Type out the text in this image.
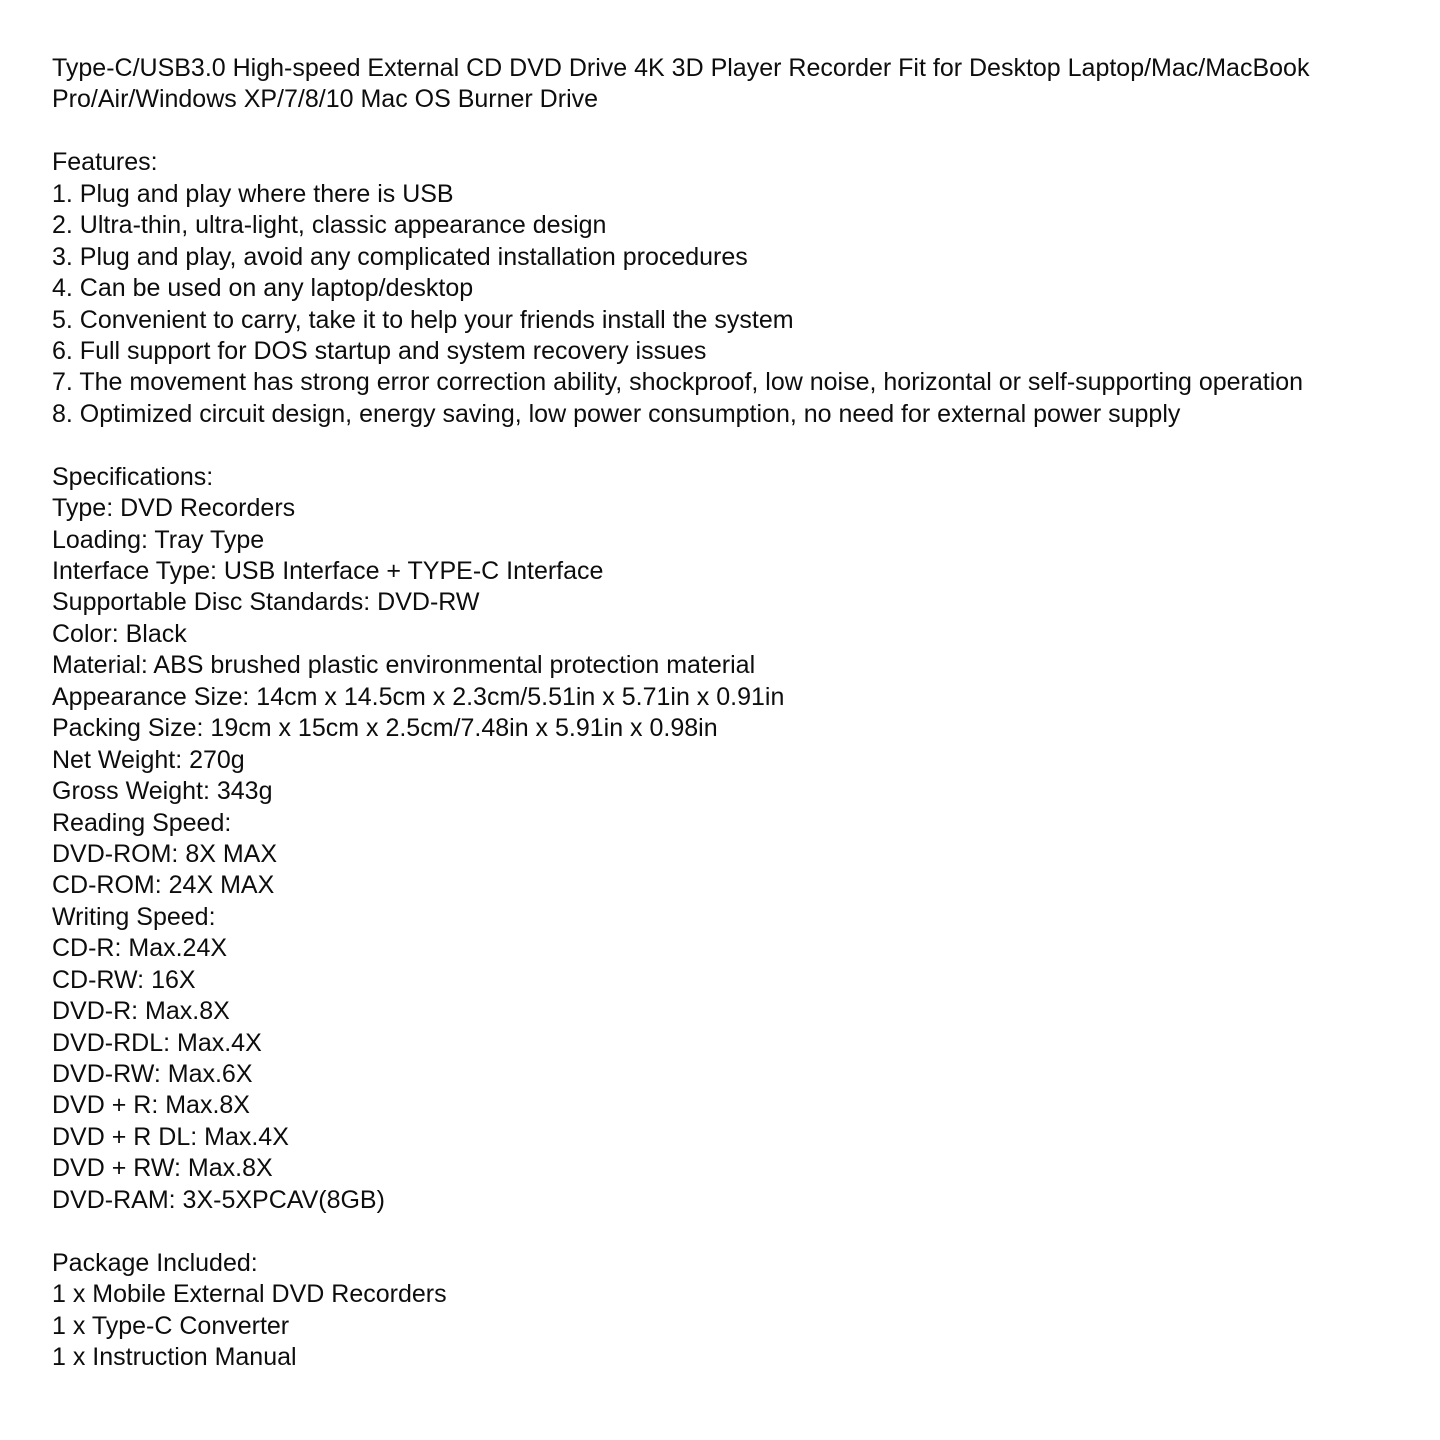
Type-C/USB3.0 High-speed External CD DVD Drive 4K 3D Player Recorder Fit for Desktop Laptop/Mac/MacBook
Pro/Air/Windows XP/7/8/10 Mac OS Burner Drive
Features:
1. Plug and play where there is USB
2. Ultra-thin, ultra-light, classic appearance design
3. Plug and play, avoid any complicated installation procedures
4. Can be used on any laptop/desktop
5. Convenient to carry, take it to help your friends install the system
6. Full support for DOS startup and system recovery issues
7. The movement has strong error correction ability, shockproof, low noise, horizontal or self-supporting operation
8. Optimized circuit design, energy saving, low power consumption, no need for external power supply
Specifications:
Type: DVD Recorders
Loading: Tray Type
Interface Type: USB Interface + TYPE-C Interface
Supportable Disc Standards: DVD-RW
Color: Black
Material: ABS brushed plastic environmental protection material
Appearance Size: 14cm x 14.5cm x 2.3cm/5.51in x 5.71in x 0.91in
Packing Size: 19cm x 15cm x 2.5cm/7.48in x 5.91in x 0.98in
Net Weight: 270g
Gross Weight: 343g
Reading Speed:
DVD-ROM: 8X MAX
CD-ROM: 24X MAX
Writing Speed:
CD-R: Max.24X
CD-RW: 16X
DVD-R: Max.8X
DVD-RDL: Max.4X
DVD-RW: Max.6X
DVD + R: Max.8X
DVD + R DL: Max.4X
DVD + RW: Max.8X
DVD-RAM: 3X-5XPCAV(8GB)
Package Included:
1 x Mobile External DVD Recorders
1 x Type-C Converter
1 x Instruction Manual
